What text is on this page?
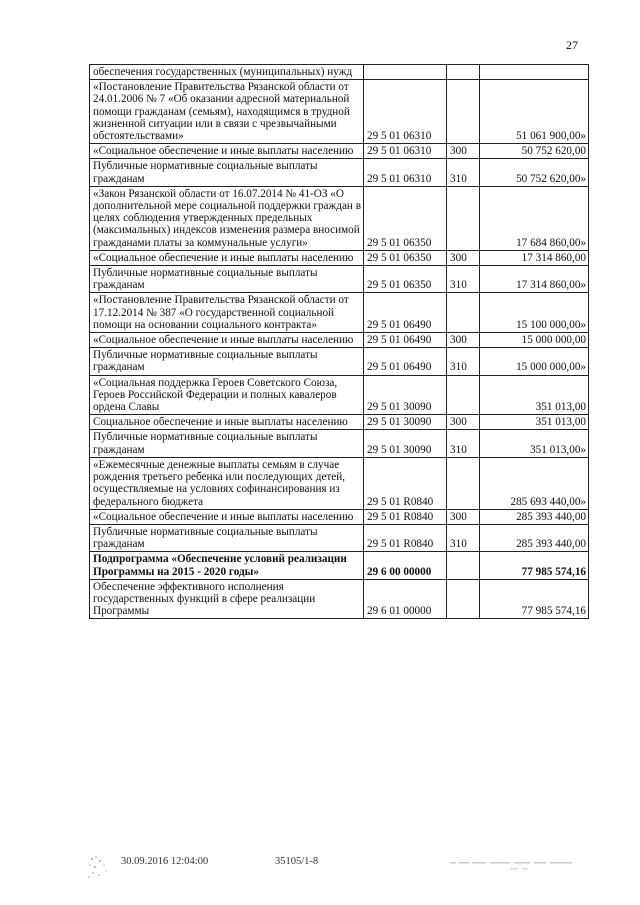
27
обеспечения государственных (муниципальных) нужд			
«Постановление Правительства Рязанской области от 24.01.2006 № 7 «Об оказании адресной материальной помощи гражданам (семьям), находящимся в трудной жизненной ситуации или в связи с чрезвычайными обстоятельствами»	29 5 01 06310		51 061 900,00»
«Социальное обеспечение и иные выплаты населению	29 5 01 06310	300	50 752 620,00
Публичные нормативные социальные выплаты гражданам	29 5 01 06310	310	50 752 620,00»
«Закон Рязанской области от 16.07.2014 № 41-ОЗ «О дополнительной мере социальной поддержки граждан в целях соблюдения утвержденных предельных (максимальных) индексов изменения размера вносимой гражданами платы за коммунальные услуги»	29 5 01 06350		17 684 860,00»
«Социальное обеспечение и иные выплаты населению	29 5 01 06350	300	17 314 860,00
Публичные нормативные социальные выплаты гражданам	29 5 01 06350	310	17 314 860,00»
«Постановление Правительства Рязанской области от 17.12.2014 № 387 «О государственной социальной помощи на основании социального контракта»	29 5 01 06490		15 100 000,00»
«Социальное обеспечение и иные выплаты населению	29 5 01 06490	300	15 000 000,00
Публичные нормативные социальные выплаты гражданам	29 5 01 06490	310	15 000 000,00»
«Социальная поддержка Героев Советского Союза, Героев Российской Федерации и полных кавалеров ордена Славы	29 5 01 30090		351 013,00
Социальное обеспечение и иные выплаты населению	29 5 01 30090	300	351 013,00
Публичные нормативные социальные выплаты гражданам	29 5 01 30090	310	351 013,00»
«Ежемесячные денежные выплаты семьям в случае рождения третьего ребенка или последующих детей, осуществляемые на условиях софинансирования из федерального бюджета	29 5 01 R0840		285 693 440,00»
«Социальное обеспечение и иные выплаты населению	29 5 01 R0840	300	285 393 440,00
Публичные нормативные социальные выплаты гражданам	29 5 01 R0840	310	285 393 440,00
Подпрограмма «Обеспечение условий реализации Программы на 2015 - 2020 годы»	29 6 00 00000		77 985 574,16
Обеспечение эффективного исполнения государственных функций в сфере реализации Программы	29 6 01 00000		77 985 574,16
30.09.2016 12:04:00	35105/1-8
